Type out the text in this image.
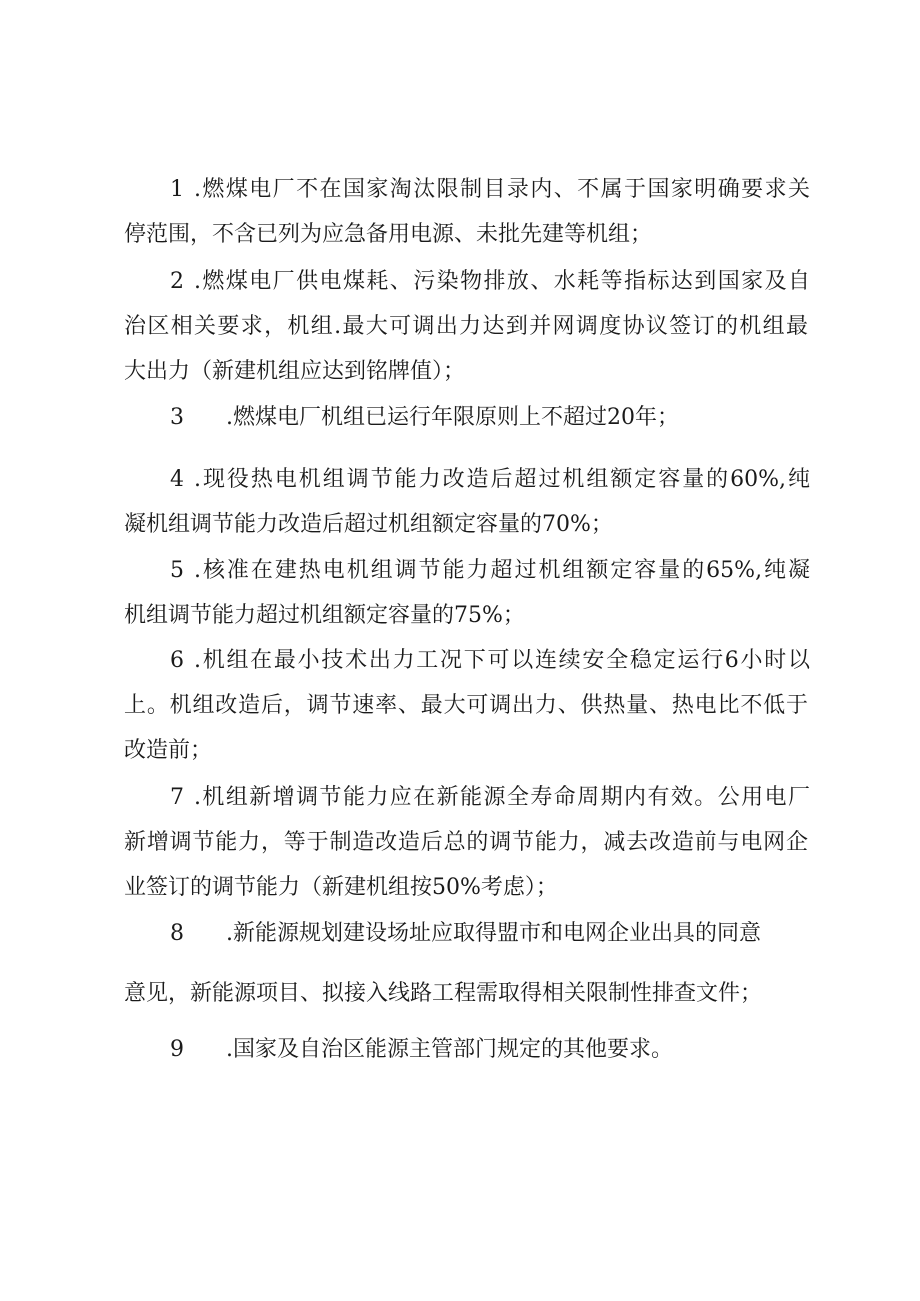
1 .燃煤电厂不在国家淘汰限制目录内、不属于国家明确要求关
停范围，不含已列为应急备用电源、未批先建等机组；
2 .燃煤电厂供电煤耗、污染物排放、水耗等指标达到国家及自
治区相关要求，机组.最大可调出力达到并网调度协议签订的机组最
大出力（新建机组应达到铭牌值）；
3 .燃煤电厂机组已运行年限原则上不超过20年；
4 .现役热电机组调节能力改造后超过机组额定容量的60%,纯
凝机组调节能力改造后超过机组额定容量的70%；
5 .核准在建热电机组调节能力超过机组额定容量的65%,纯凝
机组调节能力超过机组额定容量的75%；
6 .机组在最小技术出力工况下可以连续安全稳定运行6小时以
上。机组改造后，调节速率、最大可调出力、供热量、热电比不低于
改造前；
7 .机组新增调节能力应在新能源全寿命周期内有效。公用电厂
新增调节能力，等于制造改造后总的调节能力，减去改造前与电网企
业签订的调节能力（新建机组按50%考虑）；
8 .新能源规划建设场址应取得盟市和电网企业出具的同意
意见，新能源项目、拟接入线路工程需取得相关限制性排查文件；
9 .国家及自治区能源主管部门规定的其他要求。
